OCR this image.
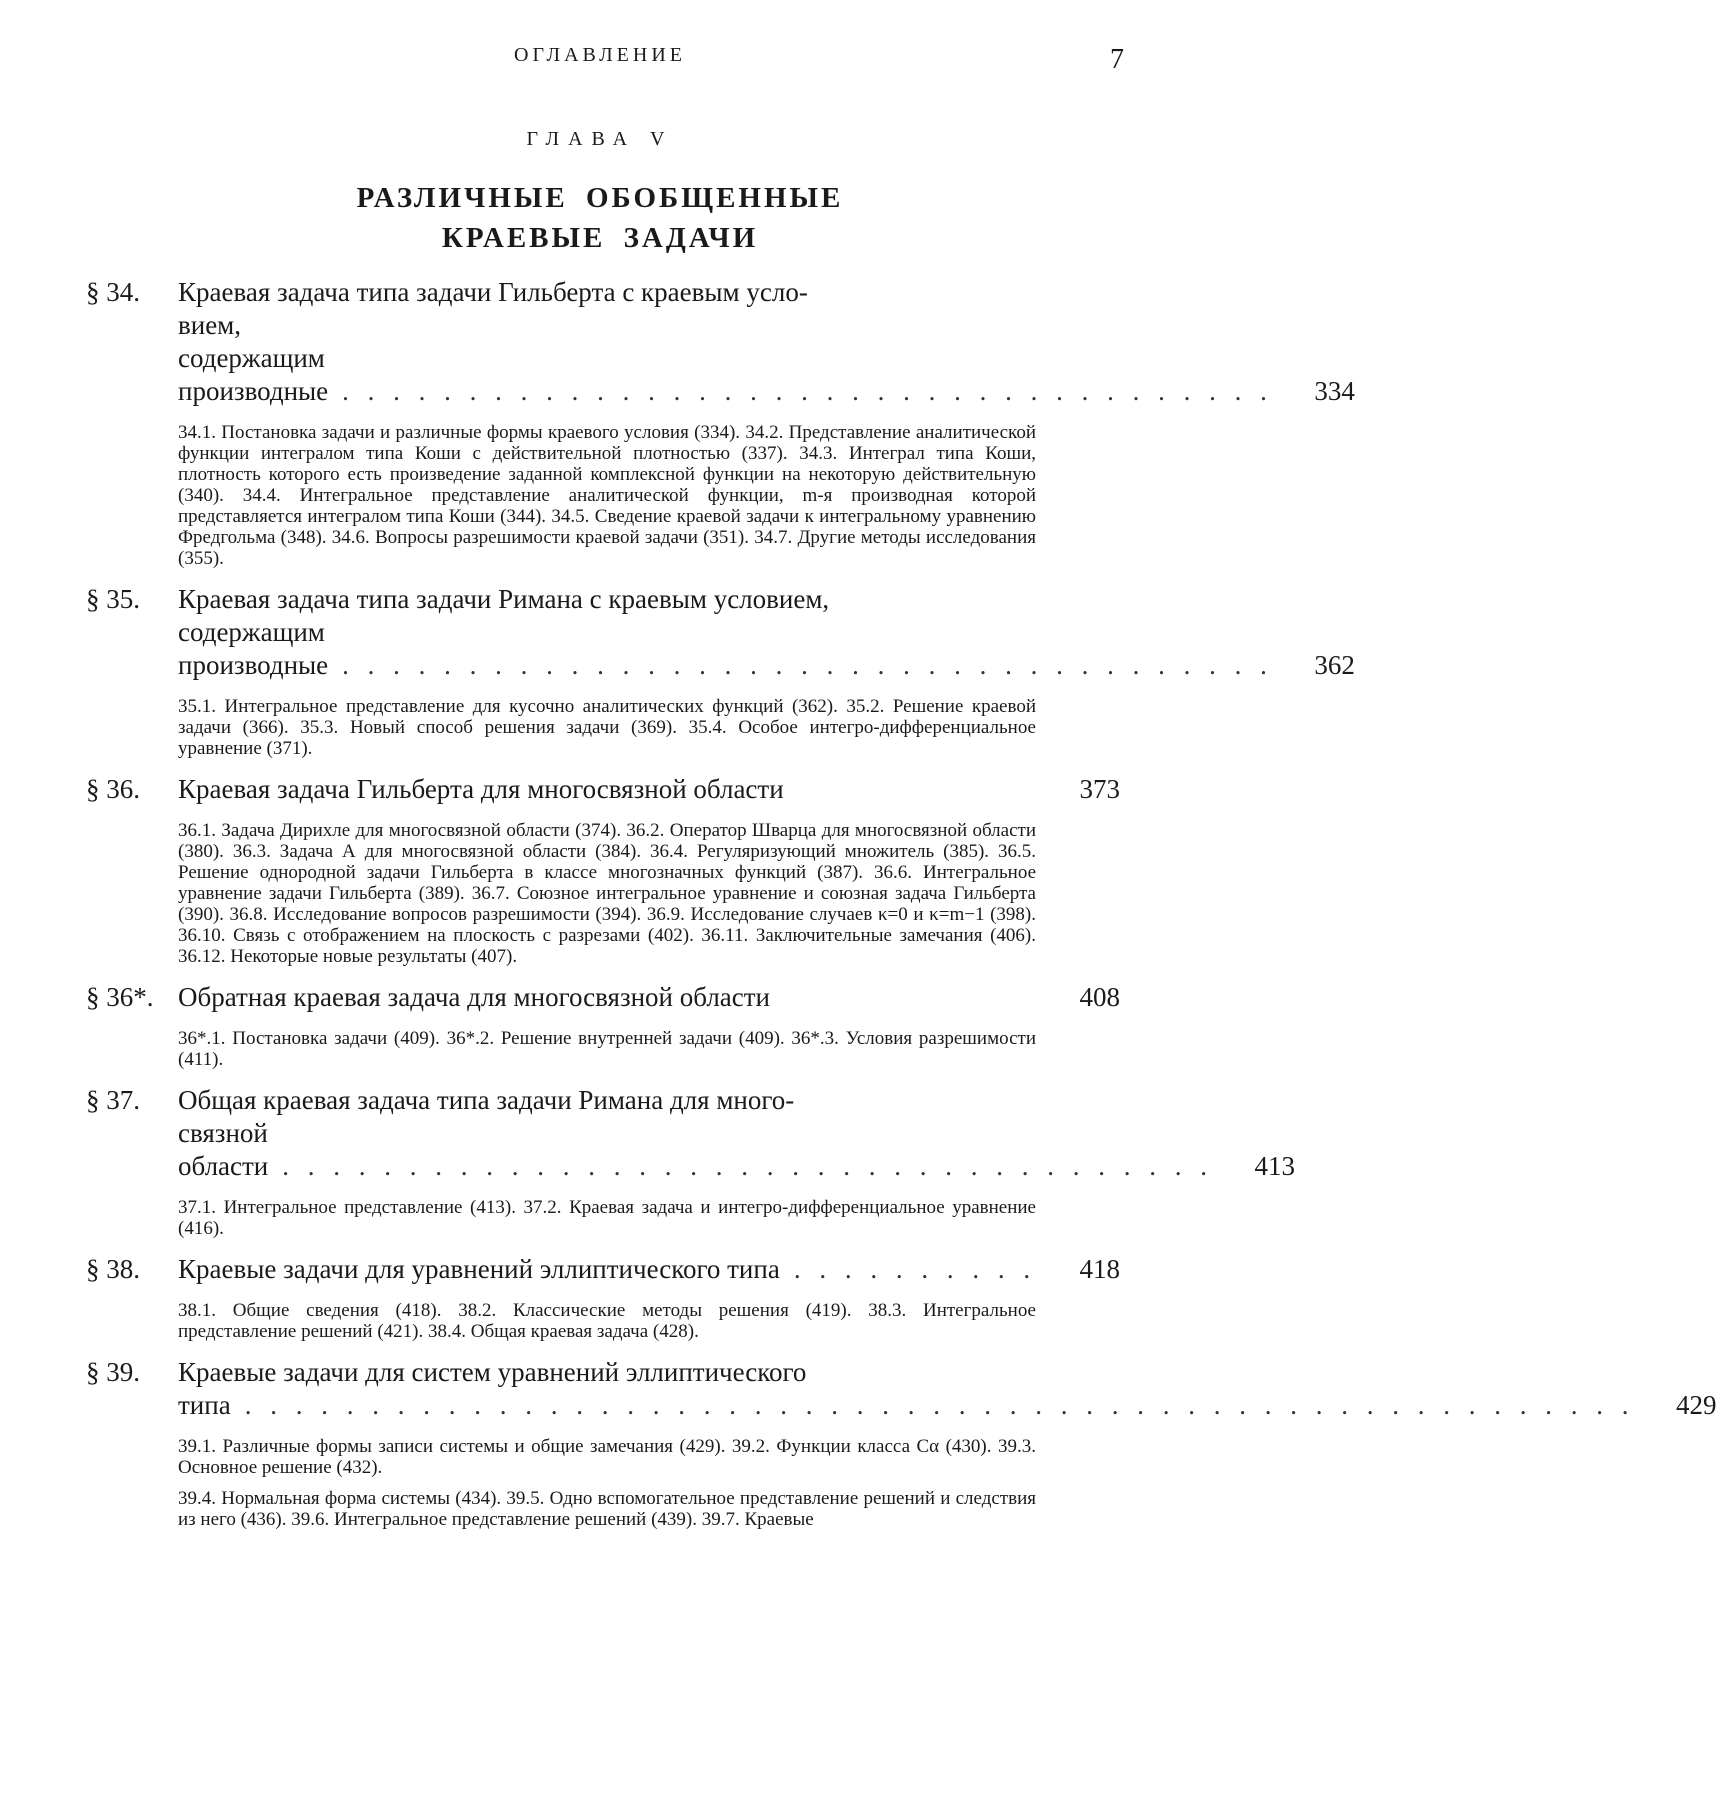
ОГЛАВЛЕНИЕ	7
ГЛАВА V
РАЗЛИЧНЫЕ ОБОБЩЕННЫЕ
КРАЕВЫЕ ЗАДАЧИ
§ 34.	Краевая задача типа задачи Гильберта с краевым усло-
вием, содержащим производные . . . . . . . . . . . . . . . . . . . . . . . . . . . . . . . . . . . . .	334
34.1. Постановка задачи и различные формы краевого условия (334). 34.2. Представление аналитической функции интегралом типа Коши с действительной плотностью (337). 34.3. Интеграл типа Коши, плотность которого есть произведение заданной комплексной функции на некоторую действительную (340). 34.4. Интегральное представление аналитической функции, m-я производная которой представляется интегралом типа Коши (344). 34.5. Сведение краевой задачи к интегральному уравнению Фредгольма (348). 34.6. Вопросы разрешимости краевой задачи (351). 34.7. Другие методы исследования (355).
§ 35.	Краевая задача типа задачи Римана с краевым условием,
содержащим производные . . . . . . . . . . . . . . . . . . . . . . . . . . . . . . . . . . . . .	362
35.1. Интегральное представление для кусочно аналитических функций (362). 35.2. Решение краевой задачи (366). 35.3. Новый способ решения задачи (369). 35.4. Особое интегро-дифференциальное уравнение (371).
§ 36.	Краевая задача Гильберта для многосвязной области	373
36.1. Задача Дирихле для многосвязной области (374). 36.2. Оператор Шварца для многосвязной области (380). 36.3. Задача А для многосвязной области (384). 36.4. Регуляризующий множитель (385). 36.5. Решение однородной задачи Гильберта в классе многозначных функций (387). 36.6. Интегральное уравнение задачи Гильберта (389). 36.7. Союзное интегральное уравнение и союзная задача Гильберта (390). 36.8. Исследование вопросов разрешимости (394). 36.9. Исследование случаев κ=0 и κ=m−1 (398). 36.10. Связь с отображением на плоскость с разрезами (402). 36.11. Заключительные замечания (406). 36.12. Некоторые новые результаты (407).
§ 36*. Обратная краевая задача для многосвязной области	408
36*.1. Постановка задачи (409). 36*.2. Решение внутренней задачи (409). 36*.3. Условия разрешимости (411).
§ 37.	Общая краевая задача типа задачи Римана для много-
связной области . . . . . . . . . . . . . . . . . . . . . . . . . . . . . . . . . . . . .	413
37.1. Интегральное представление (413). 37.2. Краевая задача и интегро-дифференциальное уравнение (416).
§ 38.	Краевые задачи для уравнений эллиптического типа . . . . . . . . . .	418
38.1. Общие сведения (418). 38.2. Классические методы решения (419). 38.3. Интегральное представление решений (421). 38.4. Общая краевая задача (428).
§ 39.	Краевые задачи для систем уравнений эллиптического
типа . . . . . . . . . . . . . . . . . . . . . . . . . . . . . . . . . . . . . . . . . . . . . . . . . . . . . . .	429
39.1. Различные формы записи системы и общие замечания (429). 39.2. Функции класса Cα (430). 39.3. Основное решение (432).
39.4. Нормальная форма системы (434). 39.5. Одно вспомогательное представление решений и следствия из него (436). 39.6. Интегральное представление решений (439). 39.7. Краевые
